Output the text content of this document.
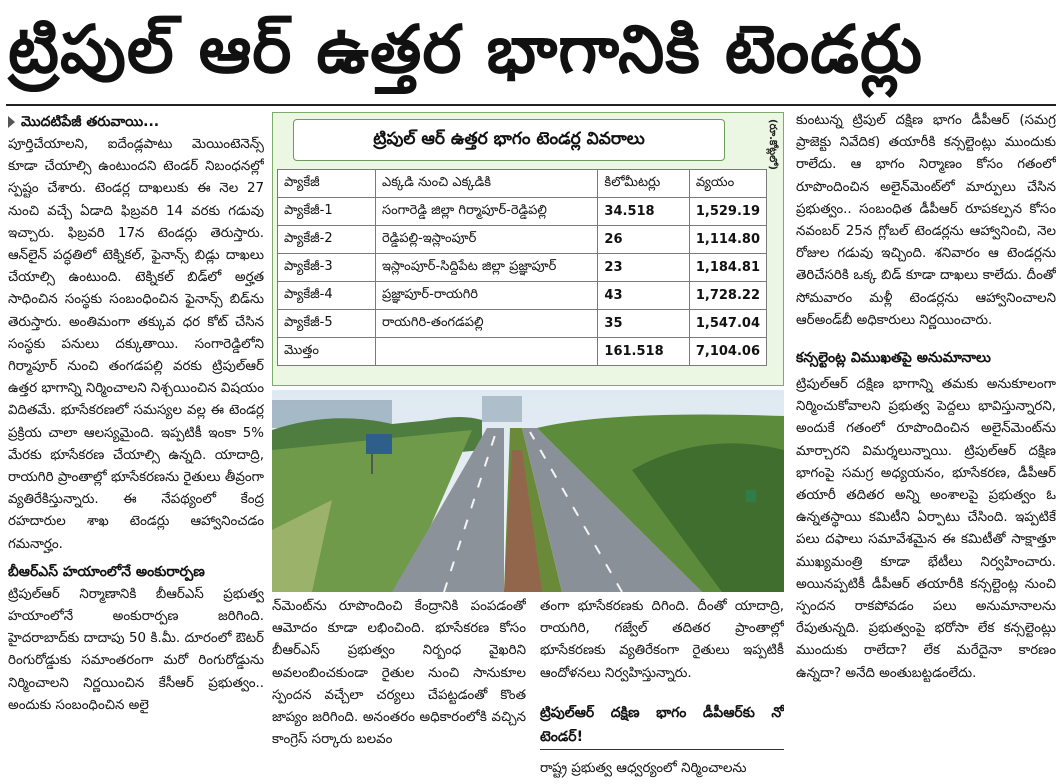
ట్రిపుల్ ఆర్ ఉత్తర భాగానికి టెండర్లు
మొదటిపేజీ తరువాయి...

పూర్తిచేయాలని, ఐదేండ్లపాటు మెయింటెనెన్స్ కూడా చేయాల్సి ఉంటుందని టెండర్ నిబంధనల్లో స్పష్టం చేశారు. టెండర్ల దాఖలుకు ఈ నెల 27 నుంచి వచ్చే ఏడాది ఫిబ్రవరి 14 వరకు గడువు ఇచ్చారు. ఫిబ్రవరి 17న టెండర్లు తెరుస్తారు. ఆన్‌లైన్ పద్ధతిలో టెక్నికల్, ఫైనాన్స్ బిడ్లు దాఖలు చేయాల్సి ఉంటుంది. టెక్నికల్ బిడ్‌లో అర్హత సాధించిన సంస్థకు సంబంధించిన ఫైనాన్స్ బిడ్‌ను తెరుస్తారు. అంతిమంగా తక్కువ ధర కోట్ చేసిన సంస్థకు పనులు దక్కుతాయి. సంగారెడ్డిలోని గిర్మాపూర్ నుంచి తంగడపల్లి వరకు ట్రిపుల్‌ఆర్ ఉత్తర భాగాన్ని నిర్మించాలని నిశ్చయించిన విషయం విదితమే. భూసేకరణలో సమస్యల వల్ల ఈ టెండర్ల ప్రక్రియ చాలా ఆలస్యమైంది. ఇప్పటికీ ఇంకా 5% మేరకు భూసేకరణ చేయాల్సి ఉన్నది. యాదాద్రి, రాయగిరి ప్రాంతాల్లో భూసేకరణను రైతులు తీవ్రంగా వ్యతిరేకిస్తున్నారు. ఈ నేపథ్యంలో కేంద్ర రహదారుల శాఖ టెండర్లు ఆహ్వానించడం గమనార్హం.

బీఆర్‌ఎస్ హయాంలోనే అంకురార్పణ

ట్రిపుల్‌ఆర్ నిర్మాణానికి బీఆర్‌ఎస్ ప్రభుత్వ హయాంలోనే అంకురార్పణ జరిగింది. హైదరాబాద్‌కు దాదాపు 50 కి.మీ. దూరంలో ఔటర్ రింగురోడ్డుకు సమాంతరంగా మరో రింగురోడ్డును నిర్మించాలని నిర్ణయించిన కేసీఆర్ ప్రభుత్వం.. అందుకు సంబంధించిన అలై

ట్రిపుల్ ఆర్ ఉత్తర భాగం టెండర్ల వివరాలు	(రూ.కోట్లలో)
ప్యాకేజీ	ఎక్కడి నుంచి ఎక్కడికి	కిలోమీటర్లు	వ్యయం
ప్యాకేజీ-1	సంగారెడ్డి జిల్లా గిర్మాపూర్-రెడ్డిపల్లి	34.518	1,529.19
ప్యాకేజీ-2	రెడ్డిపల్లి-ఇస్లాంపూర్	26	1,114.80
ప్యాకేజీ-3	ఇస్లాంపూర్-సిద్దిపేట జిల్లా ప్రజ్ఞాపూర్	23	1,184.81
ప్యాకేజీ-4	ప్రజ్ఞాపూర్-రాయగిరి	43	1,728.22
ప్యాకేజీ-5	రాయగిరి-తంగడపల్లి	35	1,547.04
మొత్తం		161.518	7,104.06

న్‌మెంట్‌ను రూపొందించి కేంద్రానికి పంపడంతో ఆమోదం కూడా లభించింది. భూసేకరణ కోసం బీఆర్‌ఎస్ ప్రభుత్వం నిర్బంధ వైఖరిని అవలంబించకుండా రైతుల నుంచి సానుకూల స్పందన వచ్చేలా చర్యలు చేపట్టడంతో కొంత జాప్యం జరిగింది. అనంతరం అధికారంలోకి వచ్చిన కాంగ్రెస్ సర్కారు బలవం

తంగా భూసేకరణకు దిగింది. దీంతో యాదాద్రి, రాయగిరి, గజ్వేల్ తదితర ప్రాంతాల్లో భూసేకరణకు వ్యతిరేకంగా రైతులు ఇప్పటికీ ఆందోళనలు నిర్వహిస్తున్నారు.

ట్రిపుల్‌ఆర్ దక్షిణ భాగం డీపీఆర్‌కు నో టెండర్!

రాష్ట్ర ప్రభుత్వ ఆధ్వర్యంలో నిర్మించాలను

కుంటున్న ట్రిపుల్ దక్షిణ భాగం డీపీఆర్ (సమగ్ర ప్రాజెక్టు నివేదిక) తయారీకి కన్సల్టెంట్లు ముందుకు రాలేదు. ఆ భాగం నిర్మాణం కోసం గతంలో రూపొందించిన అలైన్‌మెంట్‌లో మార్పులు చేసిన ప్రభుత్వం.. సంబంధిత డీపీఆర్ రూపకల్పన కోసం నవంబర్ 25న గ్లోబల్ టెండర్లను ఆహ్వానించి, నెల రోజుల గడువు ఇచ్చింది. శనివారం ఆ టెండర్లను తెరిచేసరికి ఒక్క బిడ్ కూడా దాఖలు కాలేదు. దీంతో సోమవారం మళ్లీ టెండర్లను ఆహ్వానించాలని ఆర్‌అండ్‌బీ అధికారులు నిర్ణయించారు.

కన్సల్టెంట్ల విముఖతపై అనుమానాలు

ట్రిపుల్‌ఆర్ దక్షిణ భాగాన్ని తమకు అనుకూలంగా నిర్మించుకోవాలని ప్రభుత్వ పెద్దలు భావిస్తున్నారని, అందుకే గతంలో రూపొందించిన అలైన్‌మెంట్‌ను మార్చారని విమర్శలున్నాయి. ట్రిపుల్‌ఆర్ దక్షిణ భాగంపై సమగ్ర అధ్యయనం, భూసేకరణ, డీపీఆర్ తయారీ తదితర అన్ని అంశాలపై ప్రభుత్వం ఓ ఉన్నతస్థాయి కమిటీని ఏర్పాటు చేసింది. ఇప్పటికే పలు దఫాలు సమావేశమైన ఈ కమిటీతో సాక్షాత్తూ ముఖ్యమంత్రి కూడా భేటీలు నిర్వహించారు. అయినప్పటికీ డీపీఆర్ తయారీకి కన్సల్టెంట్ల నుంచి స్పందన రాకపోవడం పలు అనుమానాలను రేపుతున్నది. ప్రభుత్వంపై భరోసా లేక కన్సల్టెంట్లు ముందుకు రాలేదా? లేక మరేదైనా కారణం ఉన్నదా? అనేది అంతుబట్టడంలేదు.
